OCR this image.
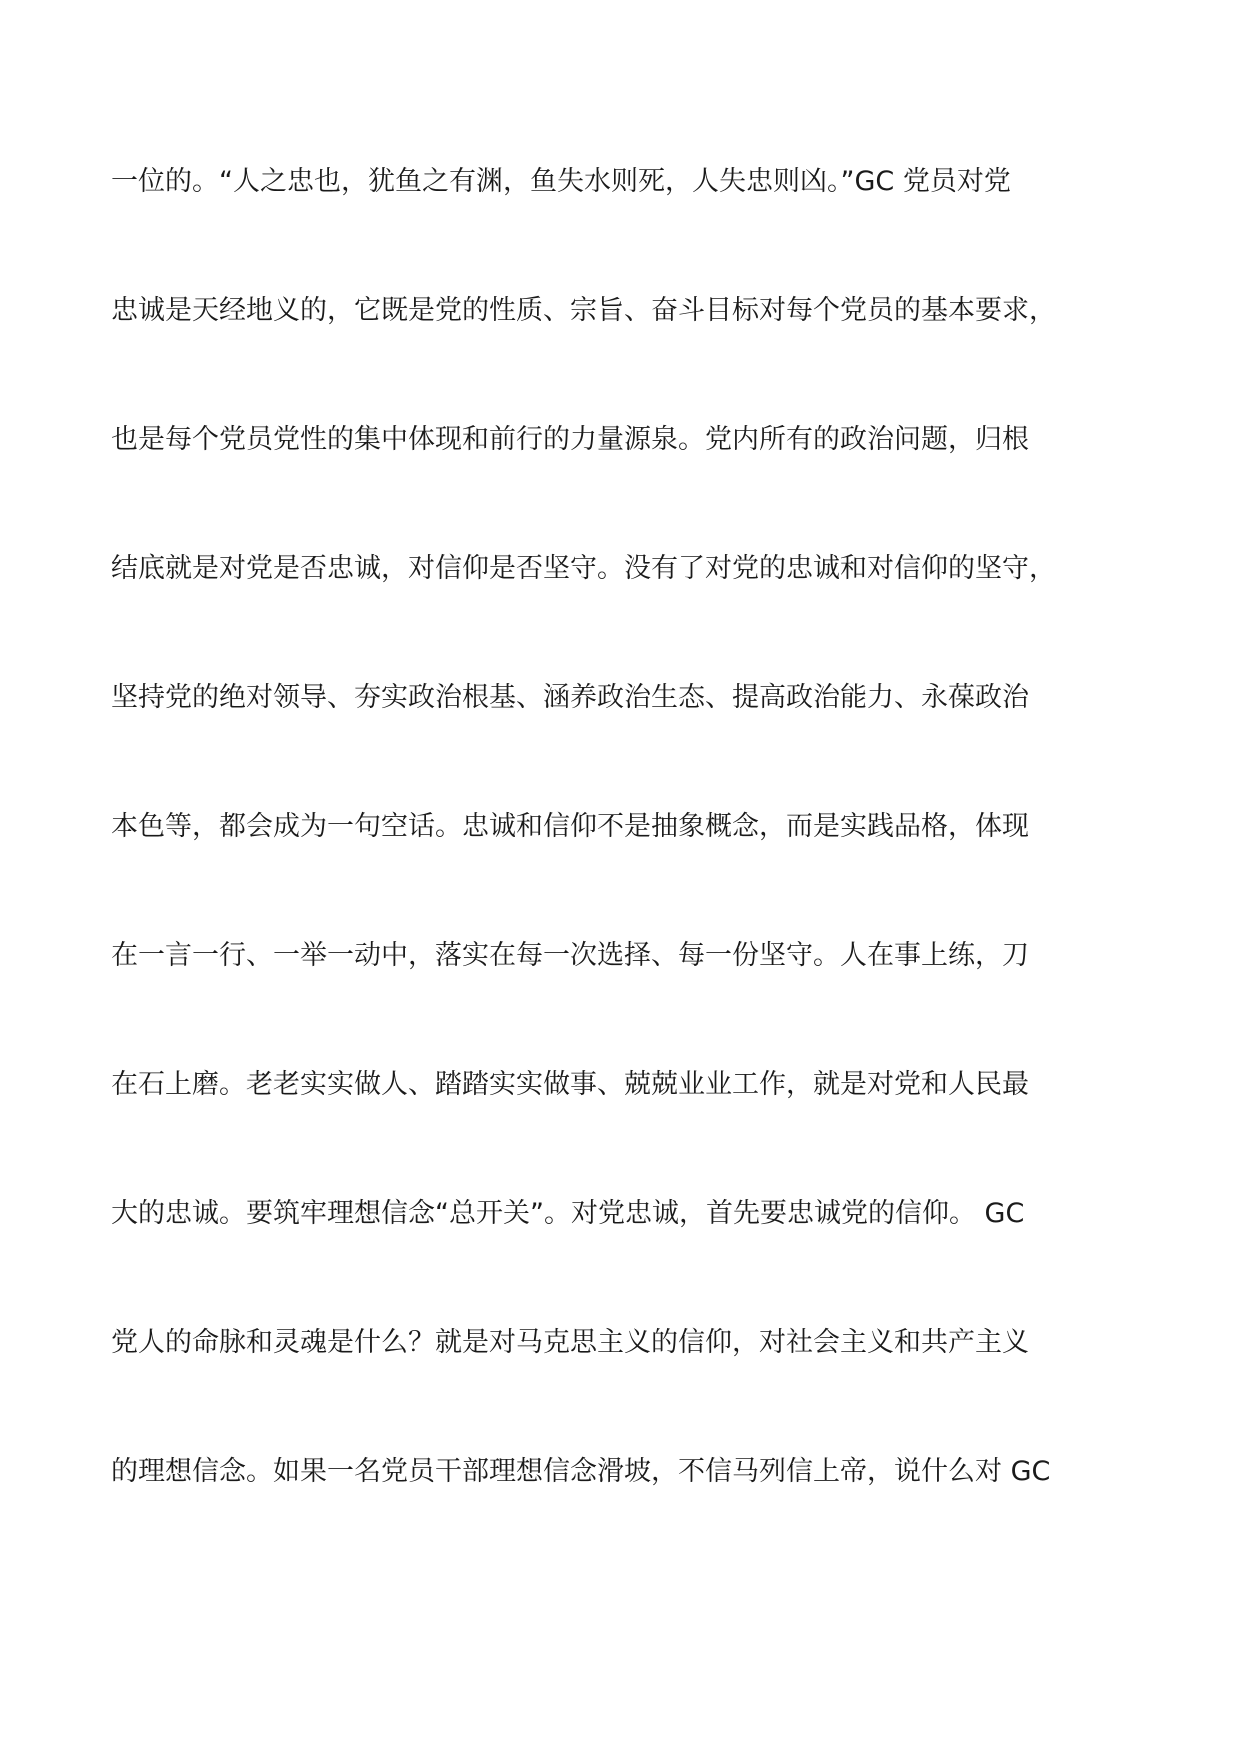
一位的。“人之忠也，犹鱼之有渊，鱼失水则死，人失忠则凶。”GC 党员对党
忠诚是天经地义的，它既是党的性质、宗旨、奋斗目标对每个党员的基本要求，
也是每个党员党性的集中体现和前行的力量源泉。党内所有的政治问题，归根
结底就是对党是否忠诚，对信仰是否坚守。没有了对党的忠诚和对信仰的坚守，
坚持党的绝对领导、夯实政治根基、涵养政治生态、提高政治能力、永葆政治
本色等，都会成为一句空话。忠诚和信仰不是抽象概念，而是实践品格，体现
在一言一行、一举一动中，落实在每一次选择、每一份坚守。人在事上练，刀
在石上磨。老老实实做人、踏踏实实做事、兢兢业业工作，就是对党和人民最
大的忠诚。要筑牢理想信念“总开关”。对党忠诚，首先要忠诚党的信仰。 GC
党人的命脉和灵魂是什么？就是对马克思主义的信仰，对社会主义和共产主义
的理想信念。如果一名党员干部理想信念滑坡，不信马列信上帝，说什么对 GC
